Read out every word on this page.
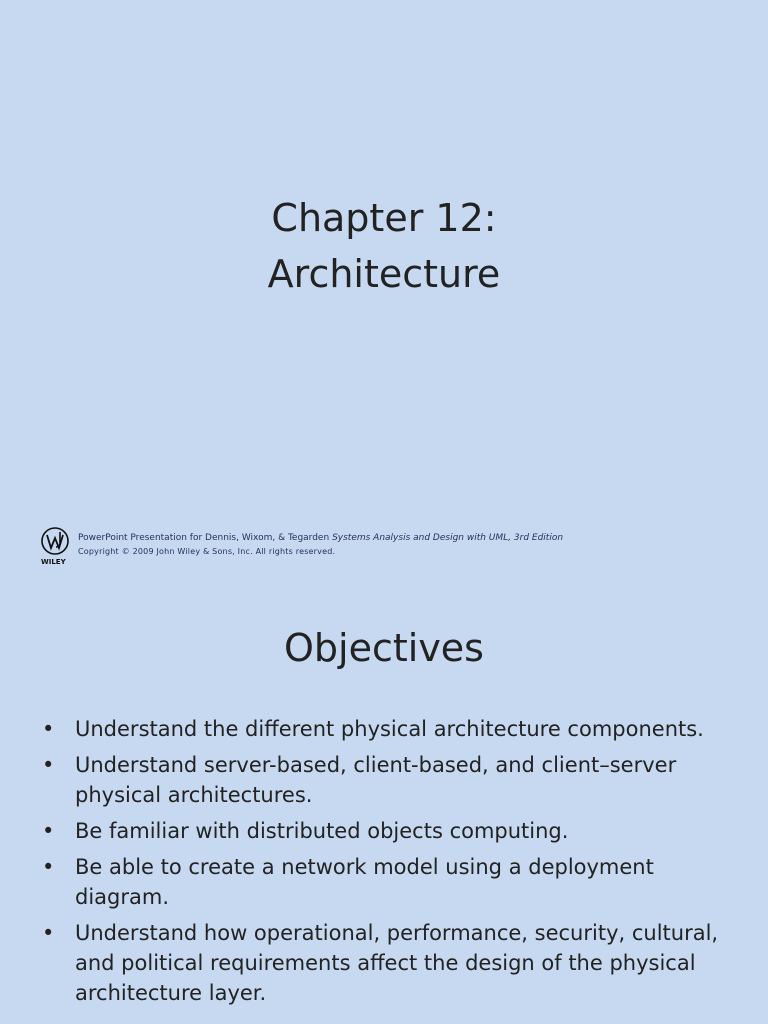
Chapter 12:
Architecture
WILEY
PowerPoint Presentation for Dennis, Wixom, & Tegarden Systems Analysis and Design with UML, 3rd Edition
Copyright © 2009 John Wiley & Sons, Inc. All rights reserved.
Objectives
• Understand the different physical architecture components.
• Understand server-based, client-based, and client–server physical architectures.
• Be familiar with distributed objects computing.
• Be able to create a network model using a deployment diagram.
• Understand how operational, performance, security, cultural, and political requirements affect the design of the physical architecture layer.
